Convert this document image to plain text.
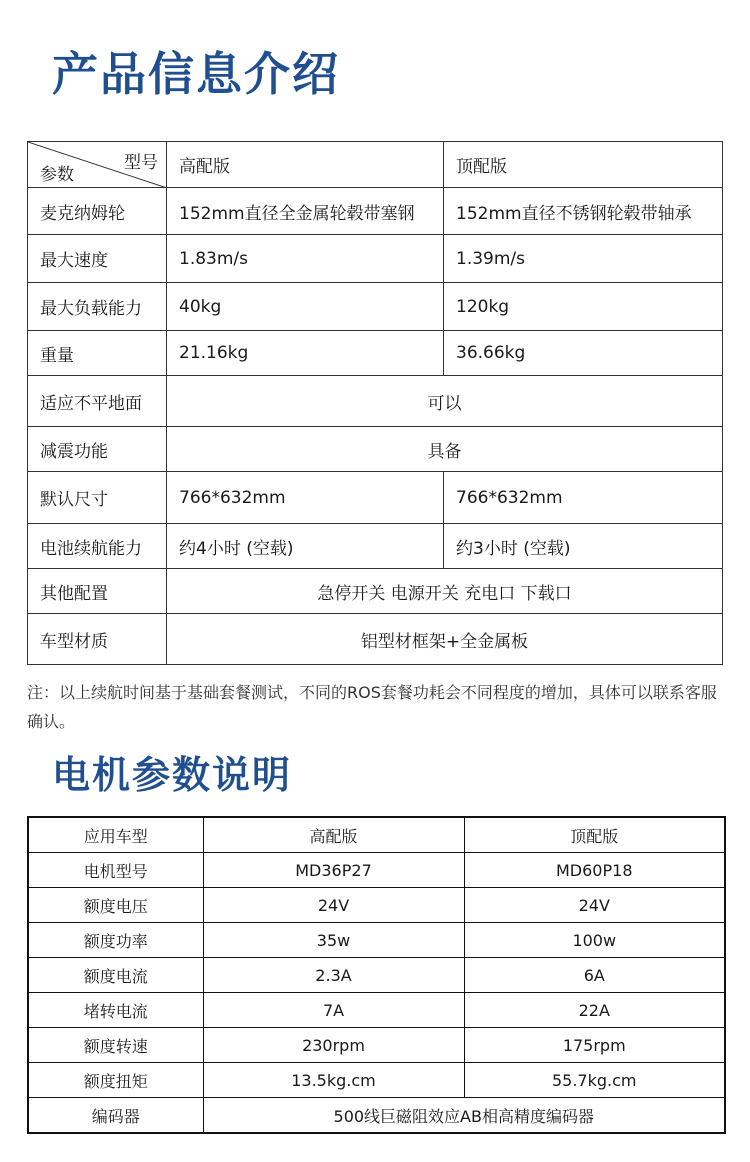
产品信息介绍
型号
参数	高配版	顶配版
麦克纳姆轮	152mm直径全金属轮毂带塞钢	152mm直径不锈钢轮毂带轴承
最大速度	1.83m/s	1.39m/s
最大负载能力	40kg	120kg
重量	21.16kg	36.66kg
适应不平地面	可以	
减震功能	具备	
默认尺寸	766*632mm	766*632mm
电池续航能力	约4小时 (空载)	约3小时 (空载)
其他配置	急停开关 电源开关 充电口 下载口	
车型材质	铝型材框架+全金属板	

注：以上续航时间基于基础套餐测试，不同的ROS套餐功耗会不同程度的增加，具体可以联系客服确认。

电机参数说明
应用车型	高配版	顶配版
电机型号	MD36P27	MD60P18
额度电压	24V	24V
额度功率	35w	100w
额度电流	2.3A	6A
堵转电流	7A	22A
额度转速	230rpm	175rpm
额度扭矩	13.5kg.cm	55.7kg.cm
编码器	500线巨磁阻效应AB相高精度编码器	
